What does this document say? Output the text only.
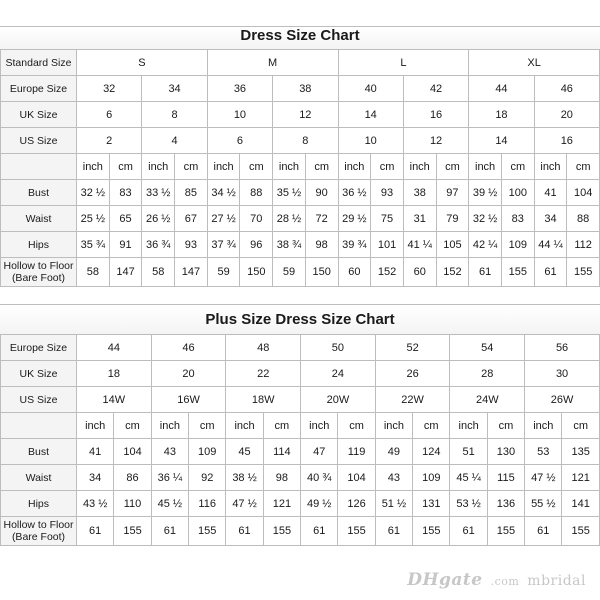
Dress Size Chart
Standard Size	S				M				L				XL			
Europe Size	32		34		36		38		40		42		44		46	
UK Size	6		8		10		12		14		16		18		20	
US Size	2		4		6		8		10		12		14		16	
	inch	cm	inch	cm	inch	cm	inch	cm	inch	cm	inch	cm	inch	cm	inch	cm
Bust	32 ½	83	33 ½	85	34 ½	88	35 ½	90	36 ½	93	38	97	39 ½	100	41	104
Waist	25 ½	65	26 ½	67	27 ½	70	28 ½	72	29 ½	75	31	79	32 ½	83	34	88
Hips	35 ¾	91	36 ¾	93	37 ¾	96	38 ¾	98	39 ¾	101	41 ¼	105	42 ¼	109	44 ¼	112
Hollow to Floor (Bare Foot)	58	147	58	147	59	150	59	150	60	152	60	152	61	155	61	155
Plus Size Dress Size Chart
Europe Size	44		46		48		50		52		54		56	
UK Size	18		20		22		24		26		28		30	
US Size	14W		16W		18W		20W		22W		24W		26W	
	inch	cm	inch	cm	inch	cm	inch	cm	inch	cm	inch	cm	inch	cm
Bust	41	104	43	109	45	114	47	119	49	124	51	130	53	135
Waist	34	86	36 ¼	92	38 ½	98	40 ¾	104	43	109	45 ¼	115	47 ½	121
Hips	43 ½	110	45 ½	116	47 ½	121	49 ½	126	51 ½	131	53 ½	136	55 ½	141
Hollow to Floor (Bare Foot)	61	155	61	155	61	155	61	155	61	155	61	155	61	155
DHgate .com mbridal
